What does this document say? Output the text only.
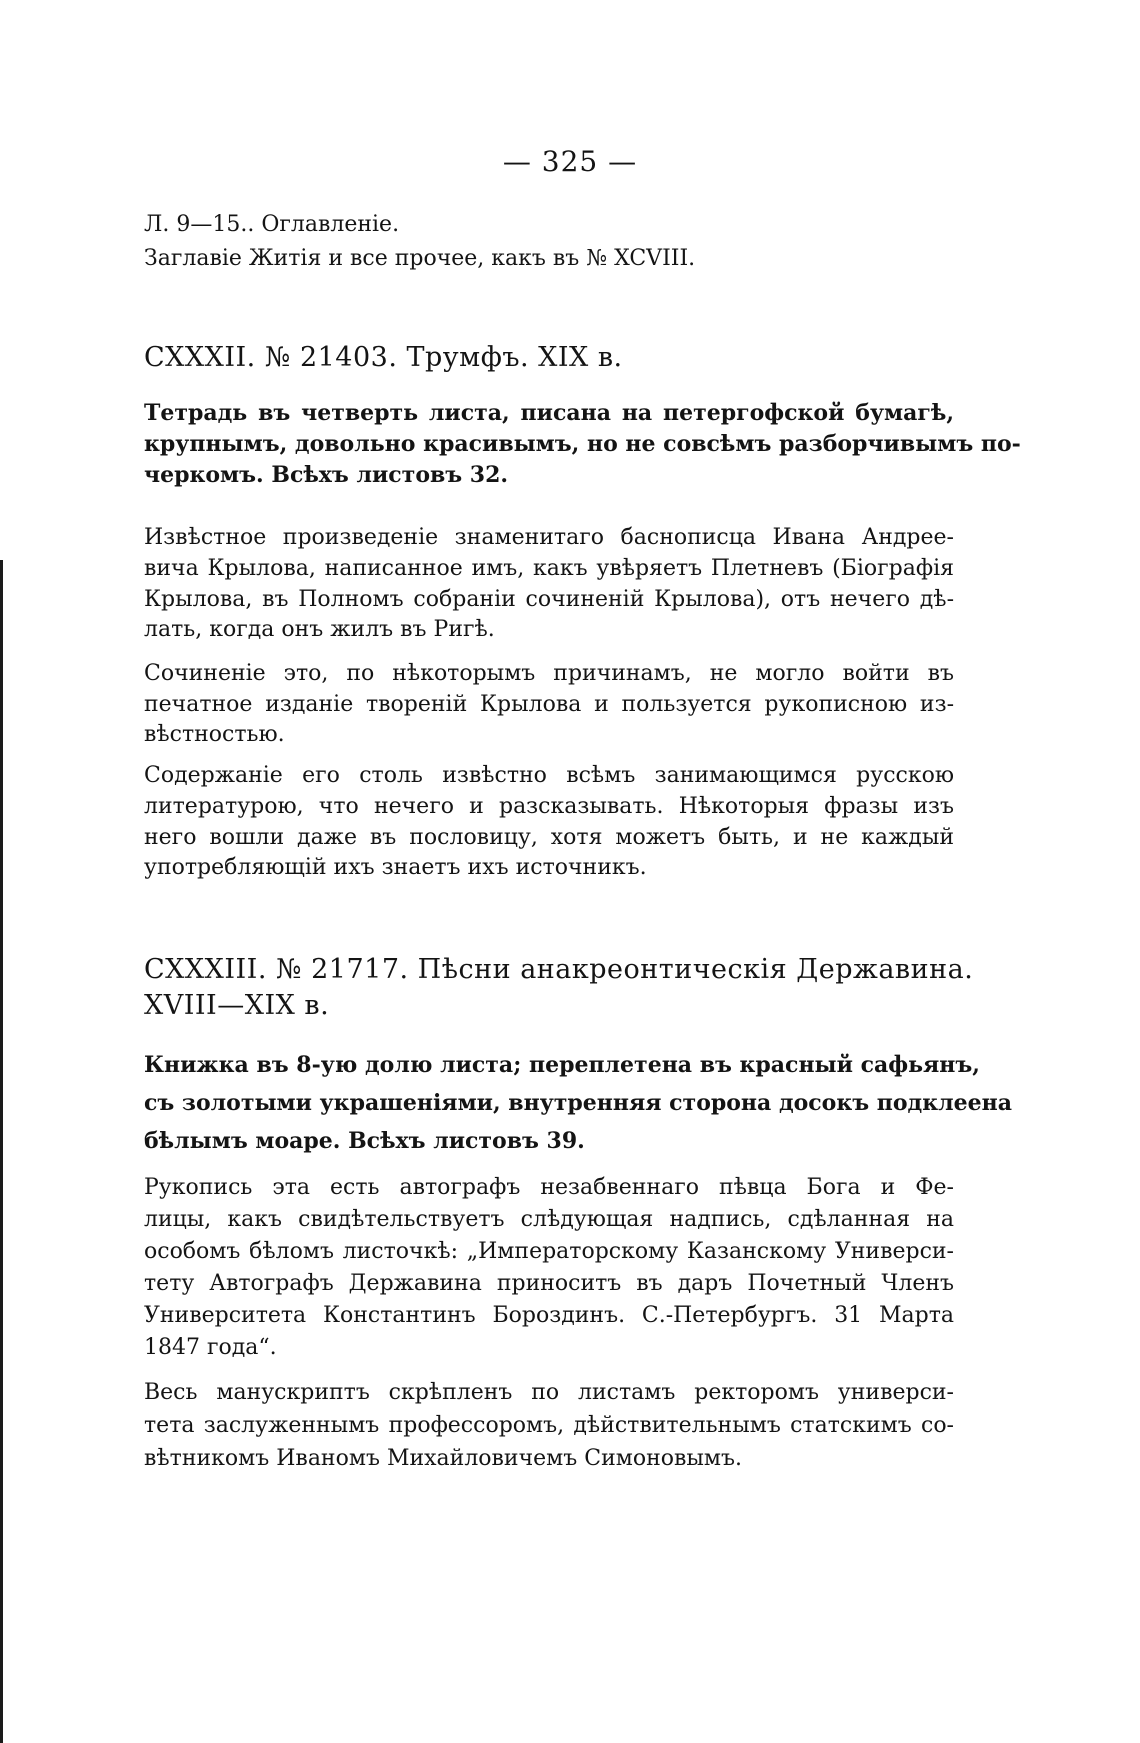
— 325 —
Л. 9—15.. Оглавленіе.
Заглавіе Житія и все прочее, какъ въ № XCVIII.
CXXXII. № 21403. Трумфъ. XIX в.
Тетрадь въ четверть листа, писана на петергофской бумагѣ,
крупнымъ, довольно красивымъ, но не совсѣмъ разборчивымъ по-
черкомъ. Всѣхъ листовъ 32.
Извѣстное произведеніе знаменитаго баснописца Ивана Андрее-
вича Крылова, написанное имъ, какъ увѣряетъ Плетневъ (Біографія
Крылова, въ Полномъ собраніи сочиненій Крылова), отъ нечего дѣ-
лать, когда онъ жилъ въ Ригѣ.
Сочиненіе это, по нѣкоторымъ причинамъ, не могло войти въ
печатное изданіе твореній Крылова и пользуется рукописною из-
вѣстностью.
Содержаніе его столь извѣстно всѣмъ занимающимся русскою
литературою, что нечего и разсказывать. Нѣкоторыя фразы изъ
него вошли даже въ пословицу, хотя можетъ быть, и не каждый
употребляющій ихъ знаетъ ихъ источникъ.
CXXXIII. № 21717. Пѣсни анакреонтическія Державина.
XVIII—XIX в.
Книжка въ 8-ую долю листа; переплетена въ красный сафьянъ,
съ золотыми украшеніями, внутренняя сторона досокъ подклеена
бѣлымъ моаре. Всѣхъ листовъ 39.
Рукопись эта есть автографъ незабвеннаго пѣвца Бога и Фе-
лицы, какъ свидѣтельствуетъ слѣдующая надпись, сдѣланная на
особомъ бѣломъ листочкѣ: „Императорскому Казанскому Универси-
тету Автографъ Державина приноситъ въ даръ Почетный Членъ
Университета Константинъ Бороздинъ. С.-Петербургъ. 31 Марта
1847 года“.
Весь манускриптъ скрѣпленъ по листамъ ректоромъ универси-
тета заслуженнымъ профессоромъ, дѣйствительнымъ статскимъ со-
вѣтникомъ Иваномъ Михайловичемъ Симоновымъ.
